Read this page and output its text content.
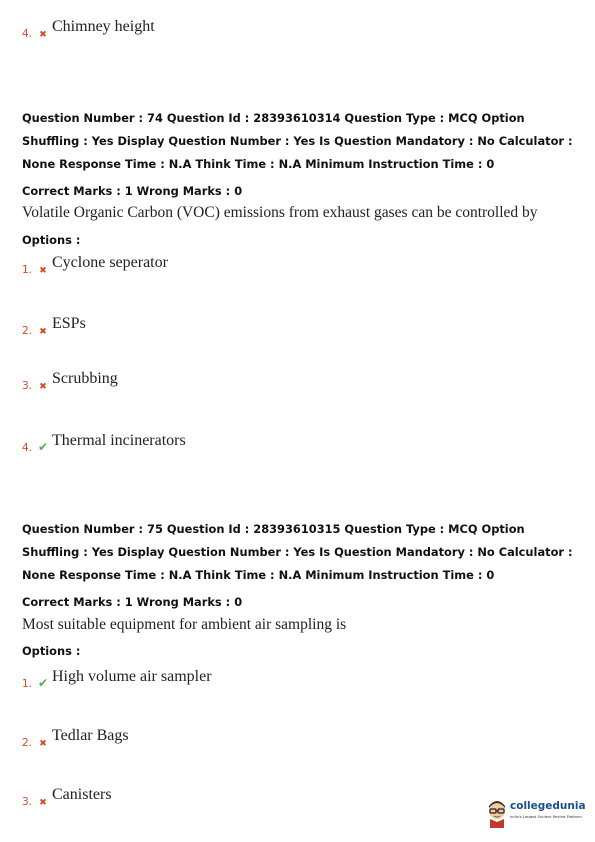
4. ✖ Chimney height
Question Number : 74 Question Id : 28393610314 Question Type : MCQ Option Shuffling : Yes Display Question Number : Yes Is Question Mandatory : No Calculator : None Response Time : N.A Think Time : N.A Minimum Instruction Time : 0
Correct Marks : 1 Wrong Marks : 0
Volatile Organic Carbon (VOC) emissions from exhaust gases can be controlled by
Options :
1. ✖ Cyclone seperator
2. ✖ ESPs
3. ✖ Scrubbing
4. ✔ Thermal incinerators
Question Number : 75 Question Id : 28393610315 Question Type : MCQ Option Shuffling : Yes Display Question Number : Yes Is Question Mandatory : No Calculator : None Response Time : N.A Think Time : N.A Minimum Instruction Time : 0
Correct Marks : 1 Wrong Marks : 0
Most suitable equipment for ambient air sampling is
Options :
1. ✔ High volume air sampler
2. ✖ Tedlar Bags
3. ✖ Canisters
collegedunia
India's Largest Student Review Platform
